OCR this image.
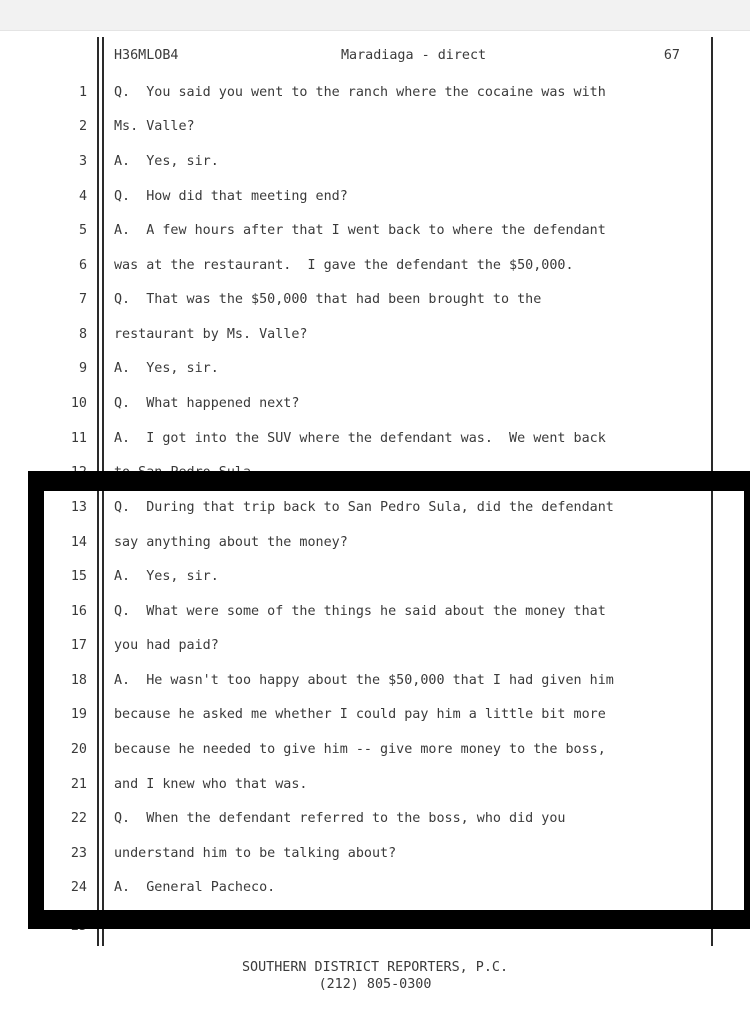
H36MLOB4	Maradiaga - direct	67
1 Q.  You said you went to the ranch where the cocaine was with
2 Ms. Valle?
3 A.  Yes, sir.
4 Q.  How did that meeting end?
5 A.  A few hours after that I went back to where the defendant
6 was at the restaurant.  I gave the defendant the $50,000.
7 Q.  That was the $50,000 that had been brought to the
8 restaurant by Ms. Valle?
9 A.  Yes, sir.
10 Q.  What happened next?
11 A.  I got into the SUV where the defendant was.  We went back
13 Q.  During that trip back to San Pedro Sula, did the defendant
14 say anything about the money?
15 A.  Yes, sir.
16 Q.  What were some of the things he said about the money that
17 you had paid?
18 A.  He wasn't too happy about the $50,000 that I had given him
19 because he asked me whether I could pay him a little bit more
20 because he needed to give him -- give more money to the boss,
21 and I knew who that was.
22 Q.  When the defendant referred to the boss, who did you
23 understand him to be talking about?
24 A.  General Pacheco.
SOUTHERN DISTRICT REPORTERS, P.C.
(212) 805-0300
